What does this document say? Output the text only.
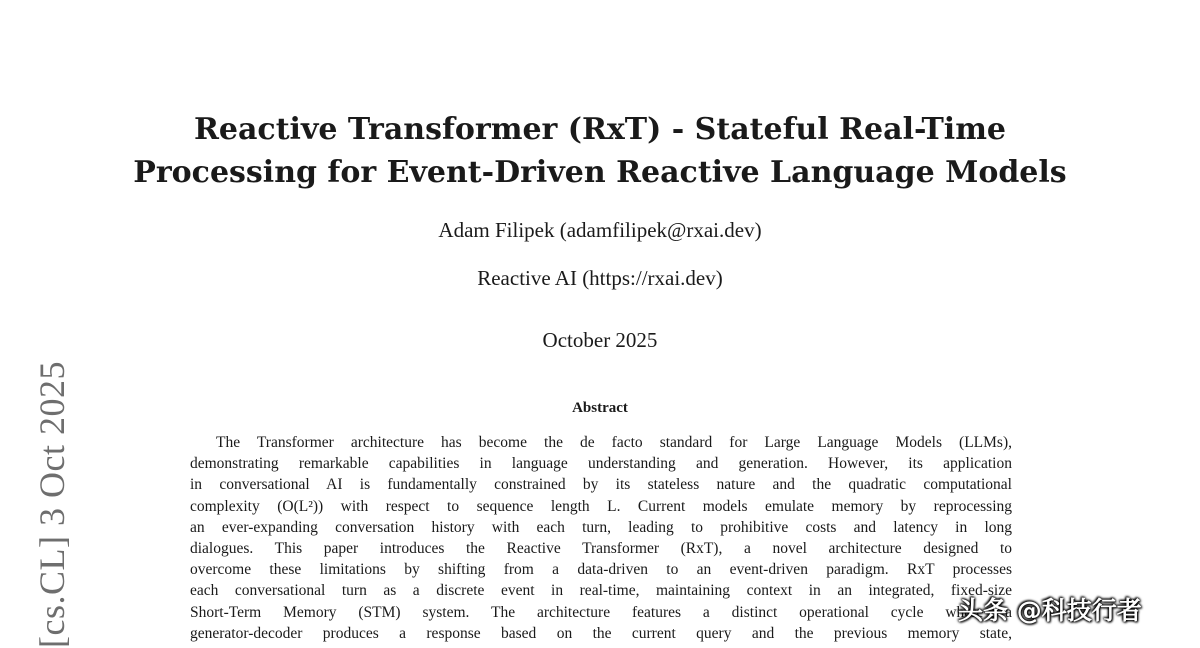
Reactive Transformer (RxT) - Stateful Real-Time
Processing for Event-Driven Reactive Language Models
Adam Filipek (adamfilipek@rxai.dev)
Reactive AI (https://rxai.dev)
October 2025
Abstract
The Transformer architecture has become the de facto standard for Large Language Models (LLMs),
demonstrating remarkable capabilities in language understanding and generation. However, its application
in conversational AI is fundamentally constrained by its stateless nature and the quadratic computational
complexity (O(L²)) with respect to sequence length L. Current models emulate memory by reprocessing
an ever-expanding conversation history with each turn, leading to prohibitive costs and latency in long
dialogues. This paper introduces the Reactive Transformer (RxT), a novel architecture designed to
overcome these limitations by shifting from a data-driven to an event-driven paradigm. RxT processes
each conversational turn as a discrete event in real-time, maintaining context in an integrated, fixed-size
Short-Term Memory (STM) system. The architecture features a distinct operational cycle where a
generator-decoder produces a response based on the current query and the previous memory state,
[cs.CL] 3 Oct 2025	头条 @科技行者
